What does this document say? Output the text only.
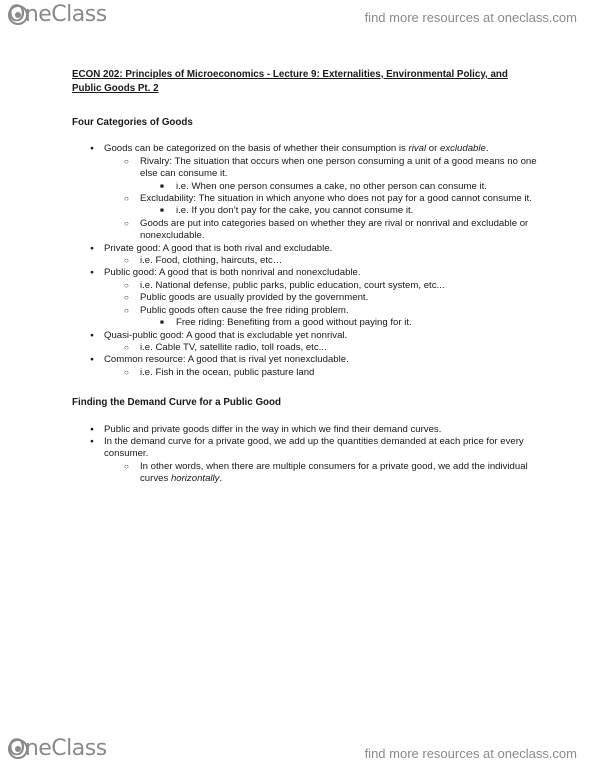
OneClass	find more resources at oneclass.com
ECON 202: Principles of Microeconomics - Lecture 9: Externalities, Environmental Policy, and Public Goods Pt. 2
Four Categories of Goods
Goods can be categorized on the basis of whether their consumption is rival or excludable.
○ Rivalry: The situation that occurs when one person consuming a unit of a good means no one else can consume it.
■ i.e. When one person consumes a cake, no other person can consume it.
○ Excludability: The situation in which anyone who does not pay for a good cannot consume it.
■ i.e. If you don’t pay for the cake, you cannot consume it.
○ Goods are put into categories based on whether they are rival or nonrival and excludable or nonexcludable.
● Private good: A good that is both rival and excludable.
○ i.e. Food, clothing, haircuts, etc…
● Public good: A good that is both nonrival and nonexcludable.
○ i.e. National defense, public parks, public education, court system, etc...
○ Public goods are usually provided by the government.
○ Public goods often cause the free riding problem.
■ Free riding: Benefiting from a good without paying for it.
● Quasi-public good: A good that is excludable yet nonrival.
○ i.e. Cable TV, satellite radio, toll roads, etc...
● Common resource: A good that is rival yet nonexcludable.
○ i.e. Fish in the ocean, public pasture land
Finding the Demand Curve for a Public Good
● Public and private goods differ in the way in which we find their demand curves.
● In the demand curve for a private good, we add up the quantities demanded at each price for every consumer.
In other words, when there are multiple consumers for a private good, we add the individual curves horizontally.
OneClass	find more resources at oneclass.com
